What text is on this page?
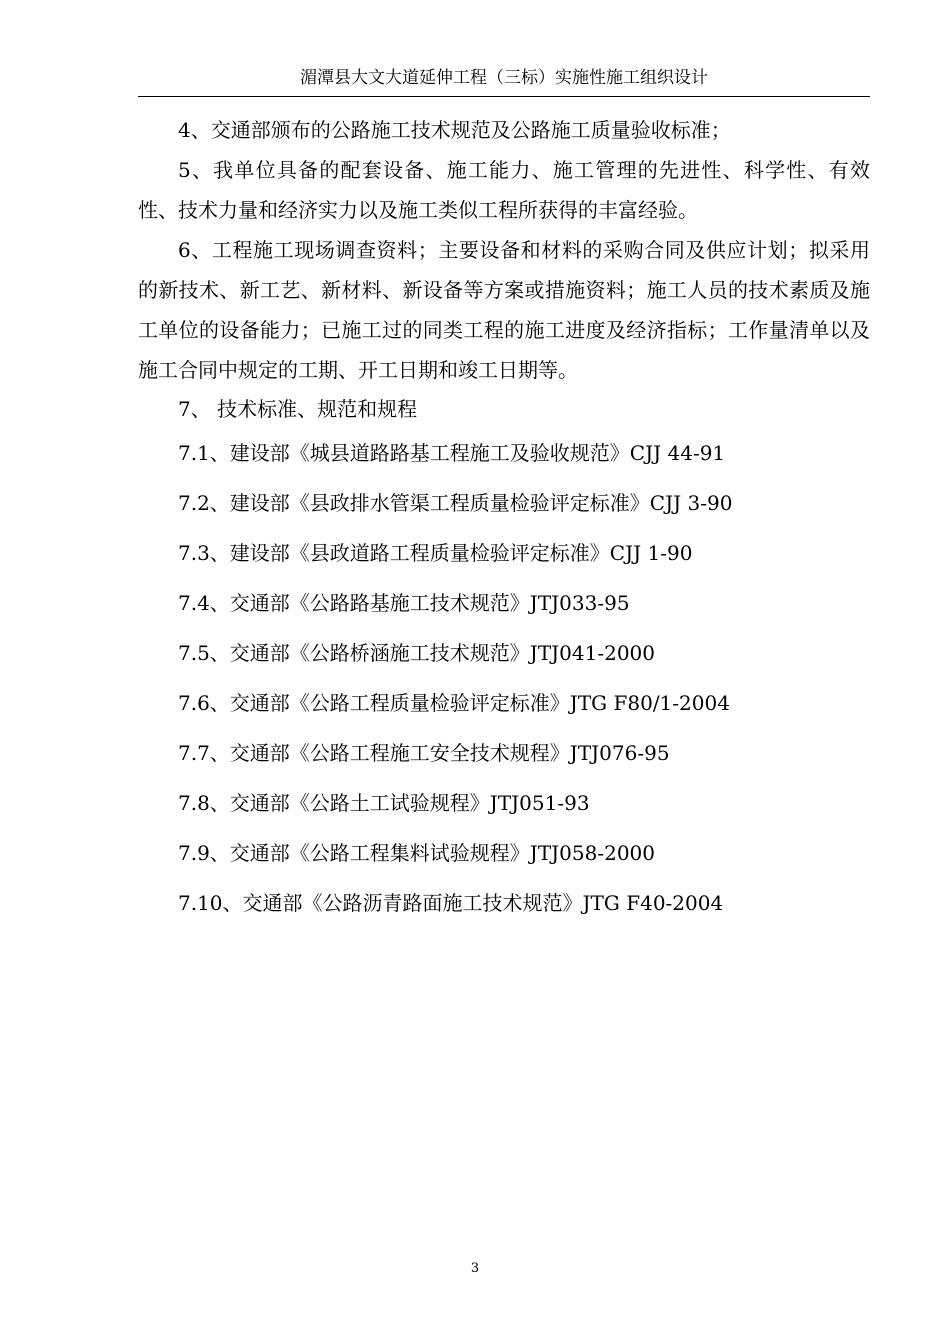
湄潭县大文大道延伸工程（三标）实施性施工组织设计

4、交通部颁布的公路施工技术规范及公路施工质量验收标准；

5、我单位具备的配套设备、施工能力、施工管理的先进性、科学性、有效性、技术力量和经济实力以及施工类似工程所获得的丰富经验。

6、工程施工现场调查资料；主要设备和材料的采购合同及供应计划；拟采用的新技术、新工艺、新材料、新设备等方案或措施资料；施工人员的技术素质及施工单位的设备能力；已施工过的同类工程的施工进度及经济指标；工作量清单以及施工合同中规定的工期、开工日期和竣工日期等。

7、 技术标准、规范和规程

7.1、建设部《城县道路路基工程施工及验收规范》CJJ 44-91

7.2、建设部《县政排水管渠工程质量检验评定标准》CJJ 3-90

7.3、建设部《县政道路工程质量检验评定标准》CJJ 1-90

7.4、交通部《公路路基施工技术规范》JTJ033-95

7.5、交通部《公路桥涵施工技术规范》JTJ041-2000

7.6、交通部《公路工程质量检验评定标准》JTG F80/1-2004

7.7、交通部《公路工程施工安全技术规程》JTJ076-95

7.8、交通部《公路土工试验规程》JTJ051-93

7.9、交通部《公路工程集料试验规程》JTJ058-2000

7.10、交通部《公路沥青路面施工技术规范》JTG F40-2004

3
